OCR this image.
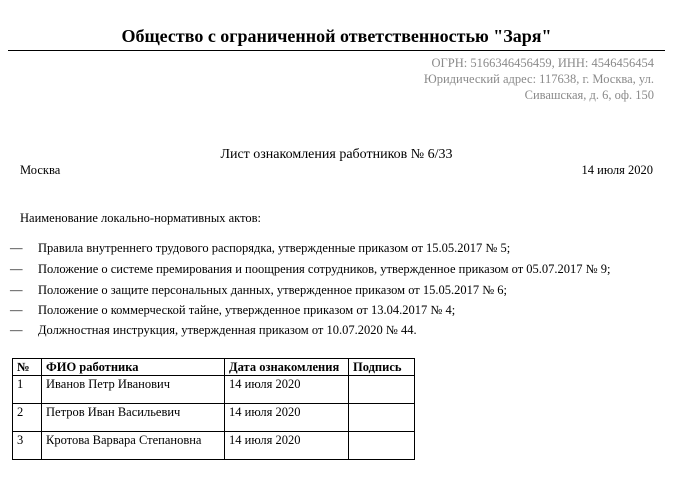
Общество с ограниченной ответственностью "Заря"
ОГРН: 5166346456459, ИНН: 4546456454
Юридический адрес: 117638, г. Москва, ул.
Сивашская, д. 6, оф. 150
Лист ознакомления работников № 6/33
Москва	14 июля 2020
Наименование локально-нормативных актов:
— Правила внутреннего трудового распорядка, утвержденные приказом от 15.05.2017 № 5;
— Положение о системе премирования и поощрения сотрудников, утвержденное приказом от 05.07.2017 № 9;
— Положение о защите персональных данных, утвержденное приказом от 15.05.2017 № 6;
— Положение о коммерческой тайне, утвержденное приказом от 13.04.2017 № 4;
— Должностная инструкция, утвержденная приказом от 10.07.2020 № 44.
№	ФИО работника	Дата ознакомления	Подпись
1	Иванов Петр Иванович	14 июля 2020	
2	Петров Иван Васильевич	14 июля 2020	
3	Кротова Варвара Степановна	14 июля 2020	
